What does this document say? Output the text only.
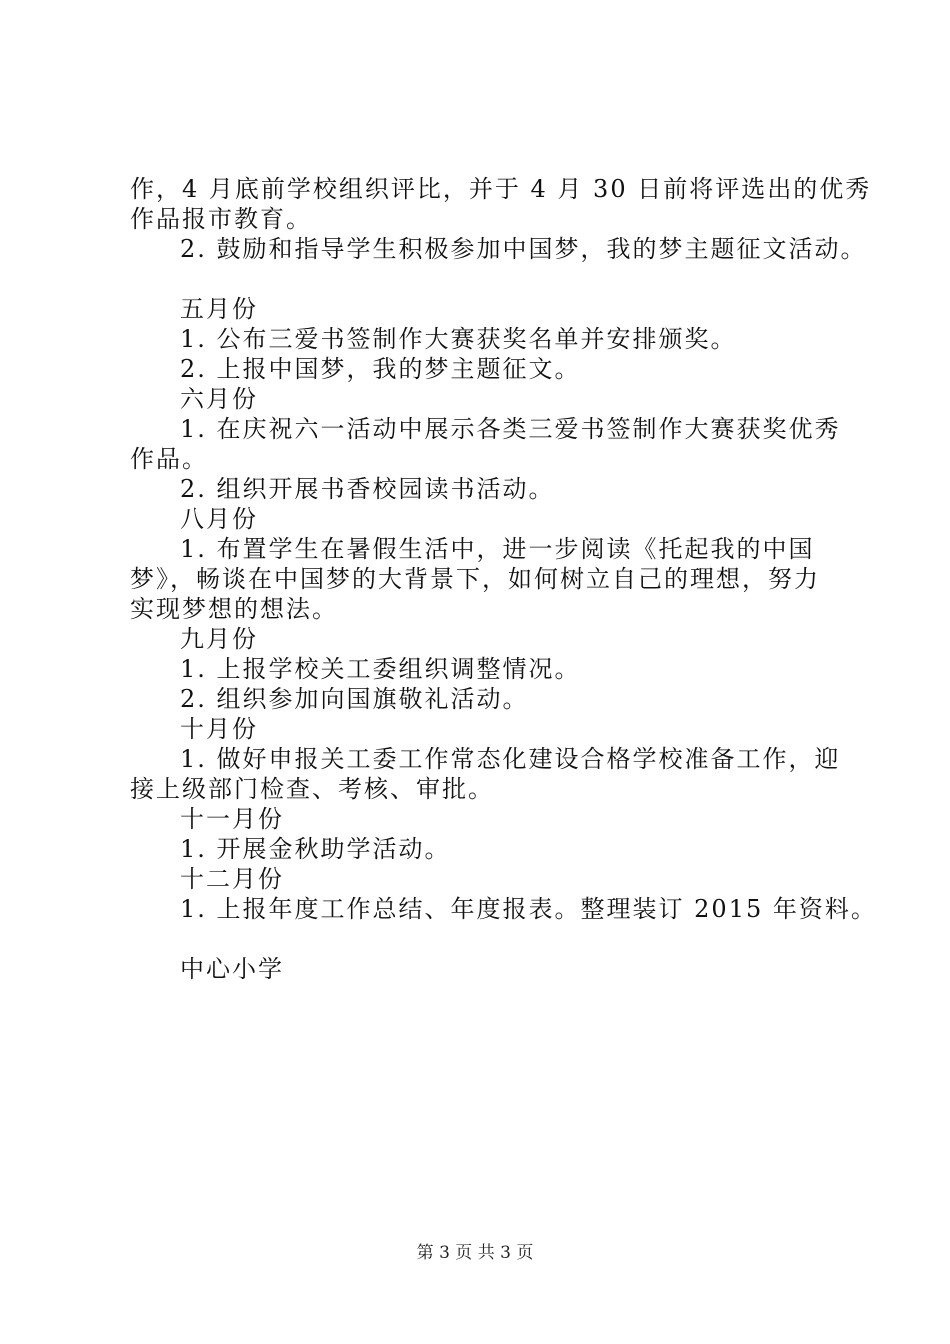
作，4 月底前学校组织评比，并于 4 月 30 日前将评选出的优秀
作品报市教育。
2. 鼓励和指导学生积极参加中国梦，我的梦主题征文活动。
五月份
1. 公布三爱书签制作大赛获奖名单并安排颁奖。
2. 上报中国梦，我的梦主题征文。
六月份
1. 在庆祝六一活动中展示各类三爱书签制作大赛获奖优秀
作品。
2. 组织开展书香校园读书活动。
八月份
1. 布置学生在暑假生活中，进一步阅读《托起我的中国
梦》，畅谈在中国梦的大背景下，如何树立自己的理想，努力
实现梦想的想法。
九月份
1. 上报学校关工委组织调整情况。
2. 组织参加向国旗敬礼活动。
十月份
1. 做好申报关工委工作常态化建设合格学校准备工作，迎
接上级部门检查、考核、审批。
十一月份
1. 开展金秋助学活动。
十二月份
1. 上报年度工作总结、年度报表。整理装订 2015 年资料。
中心小学
第 3 页 共 3 页
